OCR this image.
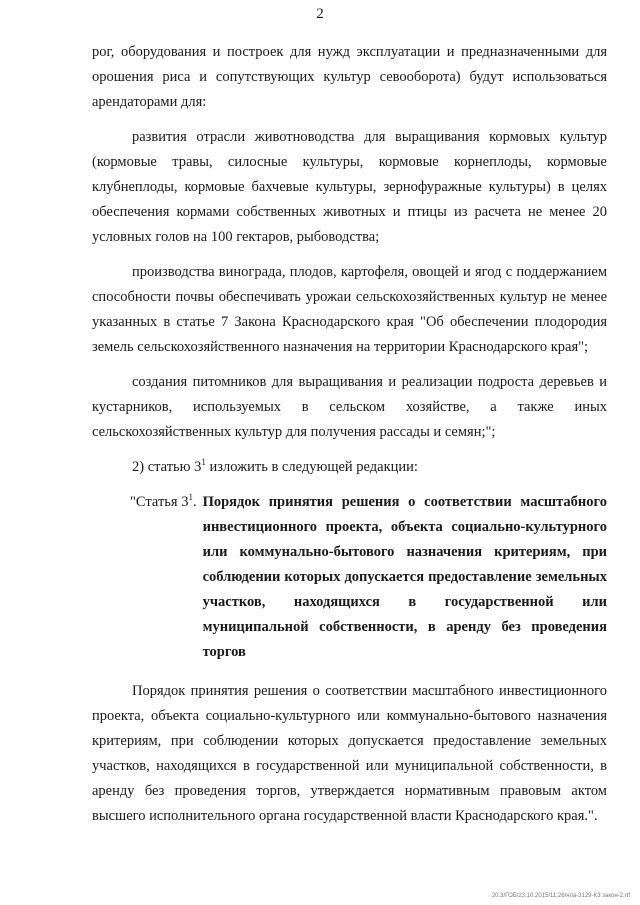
2

рог, оборудования и построек для нужд эксплуатации и предназначенными для орошения риса и сопутствующих культур севооборота) будут использоваться арендаторами для:

развития отрасли животноводства для выращивания кормовых культур (кормовые травы, силосные культуры, кормовые корнеплоды, кормовые клубнеплоды, кормовые бахчевые культуры, зернофуражные культуры) в целях обеспечения кормами собственных животных и птицы из расчета не менее 20 условных голов на 100 гектаров, рыбоводства;

производства винограда, плодов, картофеля, овощей и ягод с поддержанием способности почвы обеспечивать урожаи сельскохозяйственных культур не менее указанных в статье 7 Закона Краснодарского края "Об обеспечении плодородия земель сельскохозяйственного назначения на территории Краснодарского края";

создания питомников для выращивания и реализации подроста деревьев и кустарников, используемых в сельском хозяйстве, а также иных сельскохозяйственных культур для получения рассады и семян;";

2) статью $3^1$ изложить в следующей редакции:

"Статья $3^1$. Порядок принятия решения о соответствии масштабного инвестиционного проекта, объекта социально-культурного или коммунально-бытового назначения критериям, при соблюдении которых допускается предоставление земельных участков, находящихся в государственной или муниципальной собственности, в аренду без проведения торгов

Порядок принятия решения о соответствии масштабного инвестиционного проекта, объекта социально-культурного или коммунально-бытового назначения критериям, при соблюдении которых допускается предоставление земельных участков, находящихся в государственной или муниципальной собственности, в аренду без проведения торгов, утверждается нормативным правовым актом высшего исполнительного органа государственной власти Краснодарского края.".

20.3/ГОБ/23.10.2015/11:26/нпа-3129-КЗ закон-2.rtf
